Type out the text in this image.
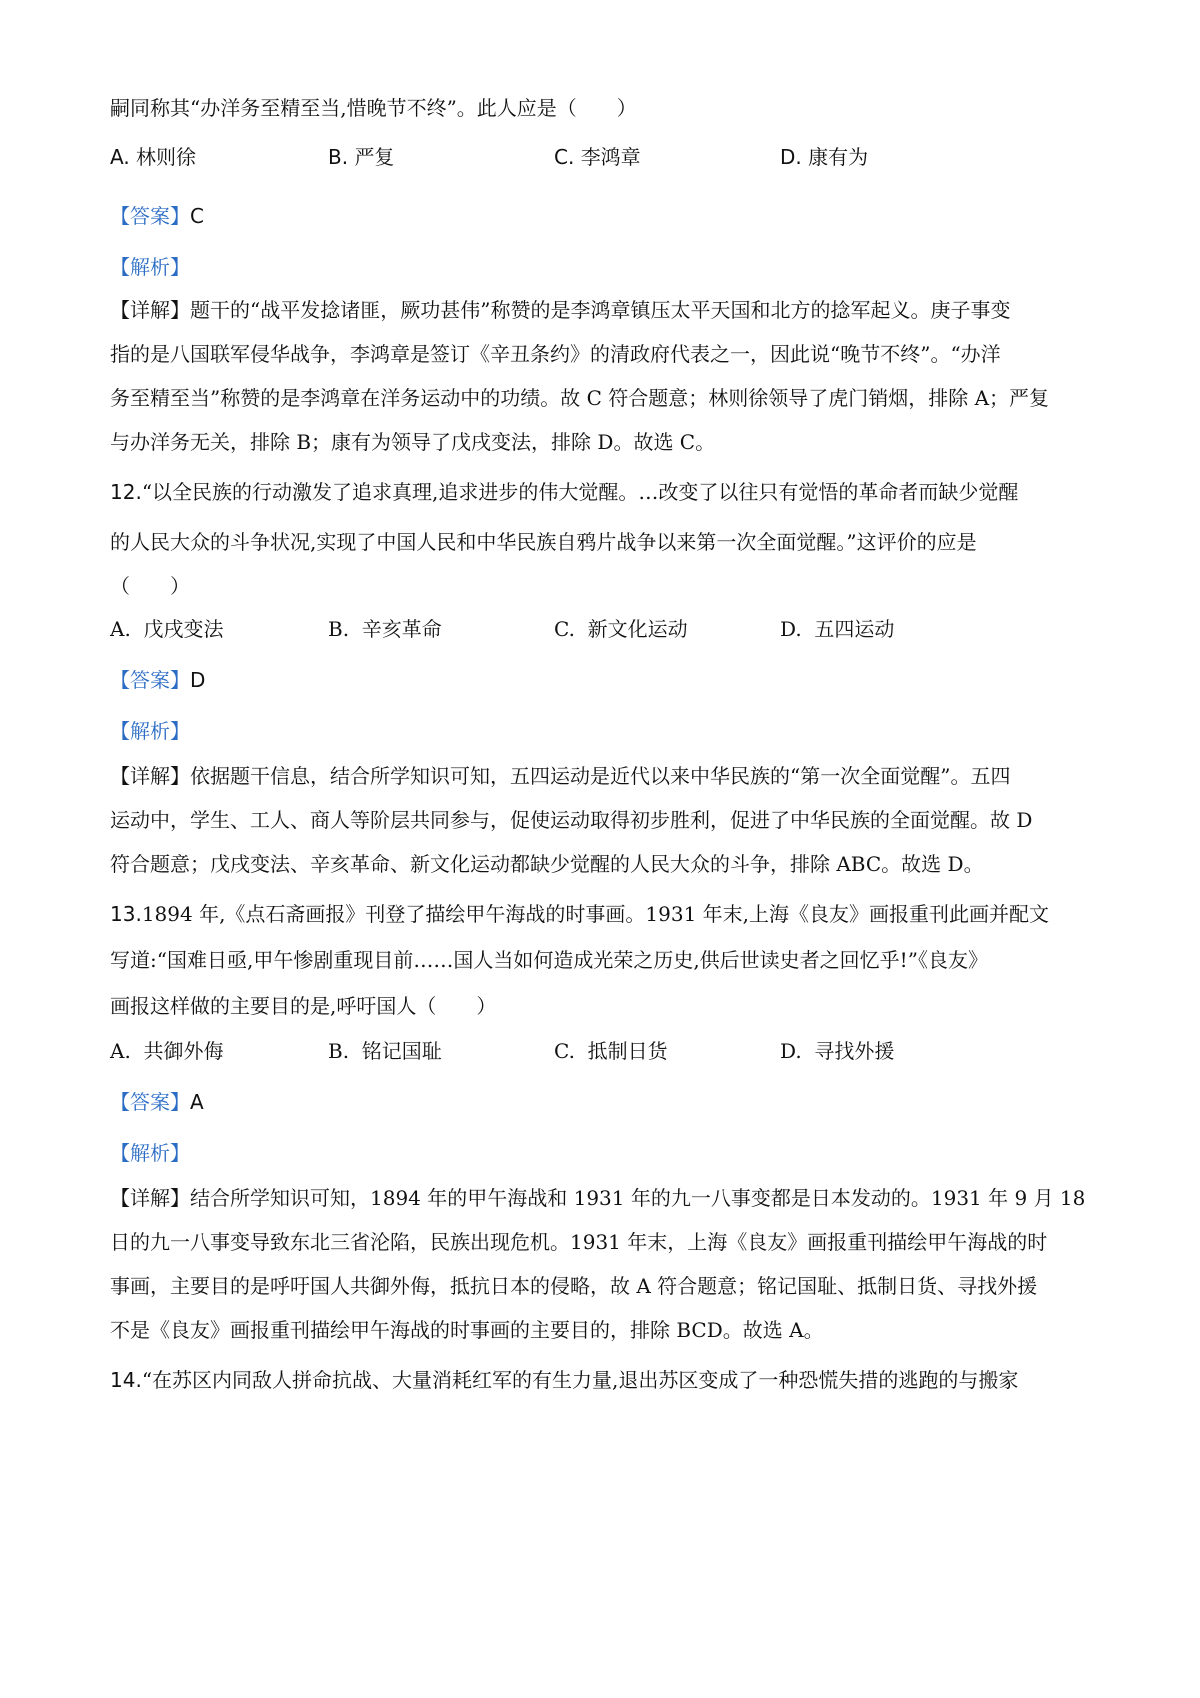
嗣同称其“办洋务至精至当,惜晚节不终”。此人应是（　　）
A. 林则徐	B. 严复	C. 李鸿章	D. 康有为
【答案】C
【解析】
【详解】题干的“战平发捻诸匪，厥功甚伟”称赞的是李鸿章镇压太平天国和北方的捻军起义。庚子事变
指的是八国联军侵华战争，李鸿章是签订《辛丑条约》的清政府代表之一，因此说“晚节不终”。“办洋
务至精至当”称赞的是李鸿章在洋务运动中的功绩。故 C 符合题意；林则徐领导了虎门销烟，排除 A；严复
与办洋务无关，排除 B；康有为领导了戊戌变法，排除 D。故选 C。
12.“以全民族的行动激发了追求真理,追求进步的伟大觉醒。…改变了以往只有觉悟的革命者而缺少觉醒
的人民大众的斗争状况,实现了中国人民和中华民族自鸦片战争以来第一次全面觉醒。”这评价的应是
（　　）
A. 戊戌变法	B. 辛亥革命	C. 新文化运动	D. 五四运动
【答案】D
【解析】
【详解】依据题干信息，结合所学知识可知，五四运动是近代以来中华民族的“第一次全面觉醒”。五四
运动中，学生、工人、商人等阶层共同参与，促使运动取得初步胜利，促进了中华民族的全面觉醒。故 D
符合题意；戊戌变法、辛亥革命、新文化运动都缺少觉醒的人民大众的斗争，排除 ABC。故选 D。
13.1894 年,《点石斋画报》刊登了描绘甲午海战的时事画。1931 年末,上海《良友》画报重刊此画并配文
写道:“国难日亟,甲午惨剧重现目前……国人当如何造成光荣之历史,供后世读史者之回忆乎!”《良友》
画报这样做的主要目的是,呼吁国人（　　）
A. 共御外侮	B. 铭记国耻	C. 抵制日货	D. 寻找外援
【答案】A
【解析】
【详解】结合所学知识可知，1894 年的甲午海战和 1931 年的九一八事变都是日本发动的。1931 年 9 月 18
日的九一八事变导致东北三省沦陷，民族出现危机。1931 年末，上海《良友》画报重刊描绘甲午海战的时
事画，主要目的是呼吁国人共御外侮，抵抗日本的侵略，故 A 符合题意；铭记国耻、抵制日货、寻找外援
不是《良友》画报重刊描绘甲午海战的时事画的主要目的，排除 BCD。故选 A。
14.“在苏区内同敌人拼命抗战、大量消耗红军的有生力量,退出苏区变成了一种恐慌失措的逃跑的与搬家
